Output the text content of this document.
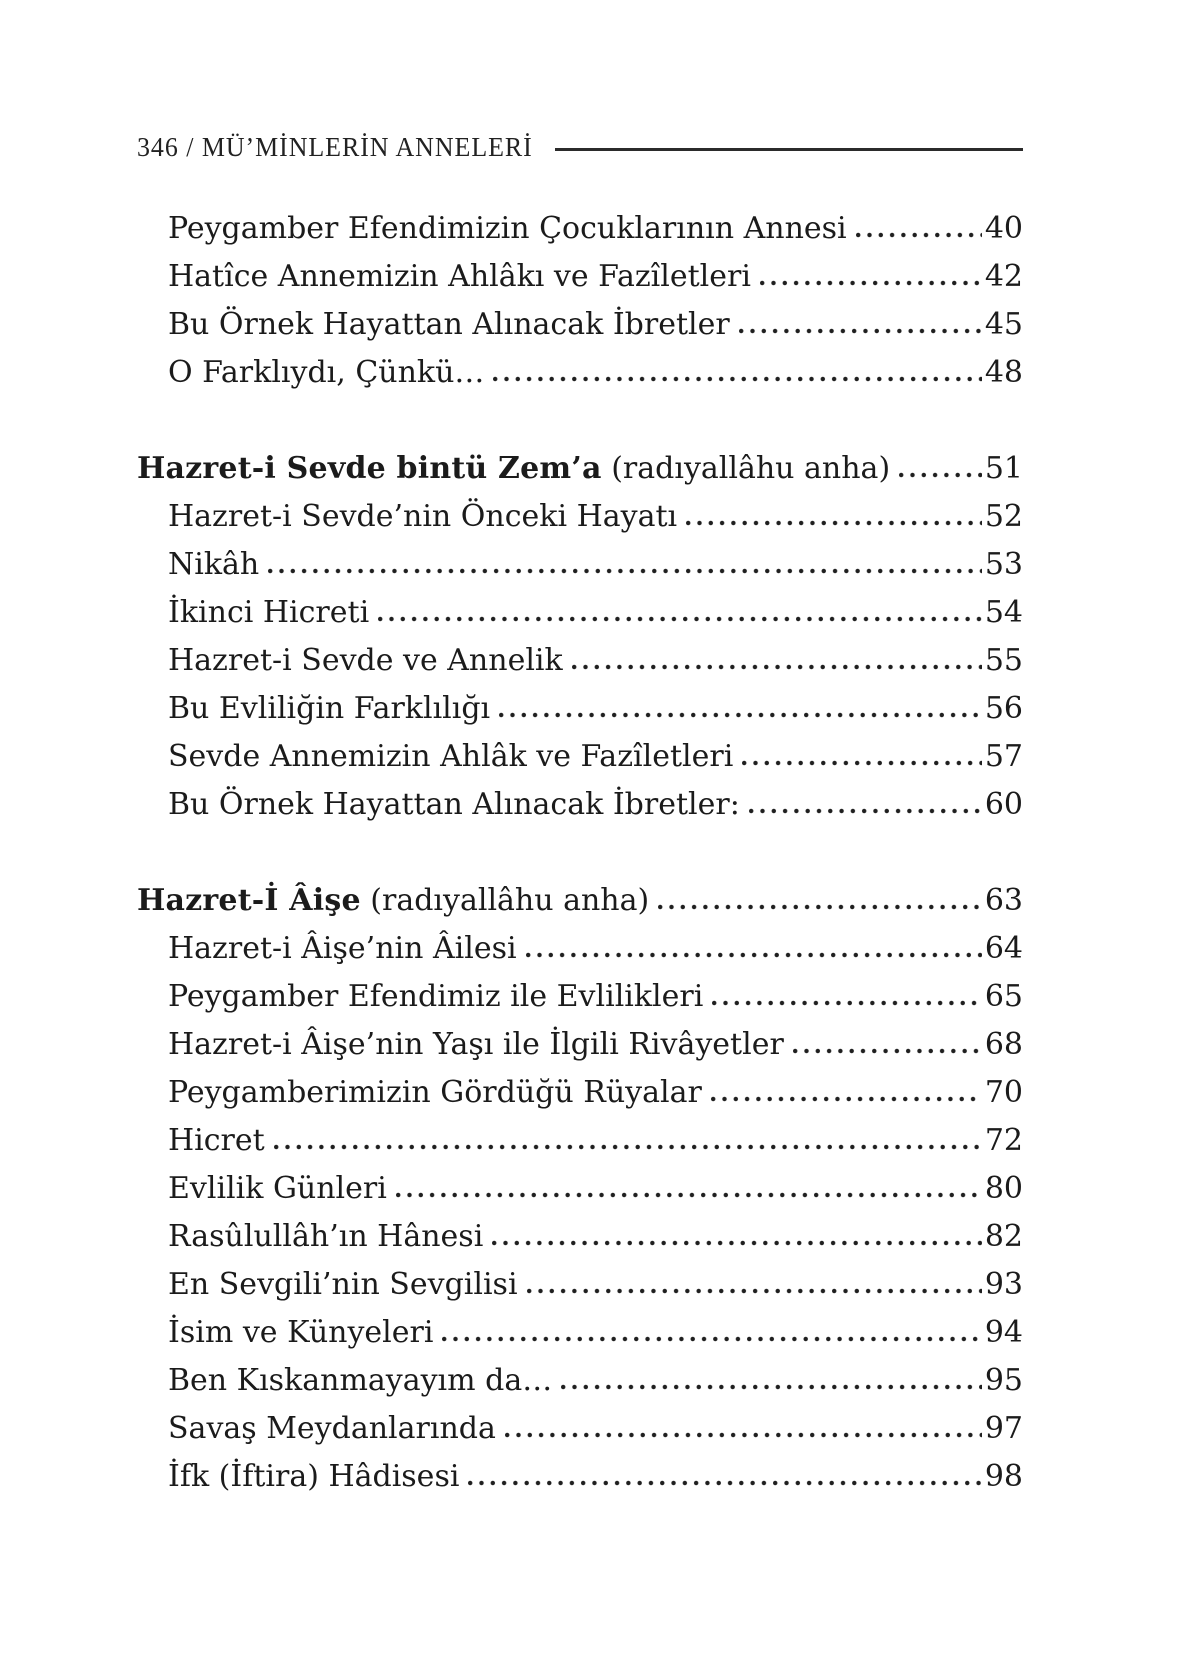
346 / MÜ’MİNLERİN ANNELERİ
Peygamber Efendimizin Çocuklarının Annesi	40
Hatîce Annemizin Ahlâkı ve Fazîletleri	42
Bu Örnek Hayattan Alınacak İbretler	45
O Farklıydı, Çünkü…	48
Hazret-i Sevde bintü Zem’a (radıyallâhu anha)	51
Hazret-i Sevde’nin Önceki Hayatı	52
Nikâh	53
İkinci Hicreti	54
Hazret-i Sevde ve Annelik	55
Bu Evliliğin Farklılığı	56
Sevde Annemizin Ahlâk ve Fazîletleri	57
Bu Örnek Hayattan Alınacak İbretler:	60
Hazret-İ Âişe (radıyallâhu anha)	63
Hazret-i Âişe’nin Âilesi	64
Peygamber Efendimiz ile Evlilikleri	65
Hazret-i Âişe’nin Yaşı ile İlgili Rivâyetler	68
Peygamberimizin Gördüğü Rüyalar	70
Hicret	72
Evlilik Günleri	80
Rasûlullâh’ın Hânesi	82
En Sevgili’nin Sevgilisi	93
İsim ve Künyeleri	94
Ben Kıskanmayayım da…	95
Savaş Meydanlarında	97
İfk (İftira) Hâdisesi	98
